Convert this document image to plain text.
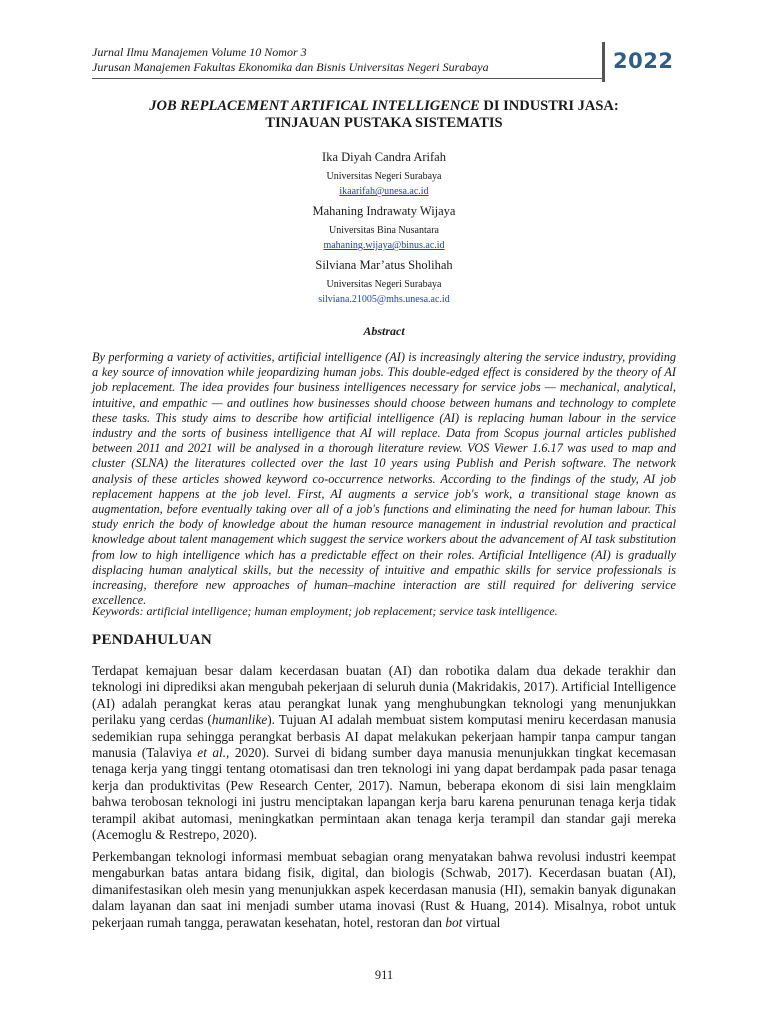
Jurnal Ilmu Manajemen Volume 10 Nomor 3
Jurusan Manajemen Fakultas Ekonomika dan Bisnis Universitas Negeri Surabaya	2022
JOB REPLACEMENT ARTIFICAL INTELLIGENCE DI INDUSTRI JASA:
TINJAUAN PUSTAKA SISTEMATIS
Ika Diyah Candra Arifah
Universitas Negeri Surabaya
ikaarifah@unesa.ac.id
Mahaning Indrawaty Wijaya
Universitas Bina Nusantara
mahaning.wijaya@binus.ac.id
Silviana Mar’atus Sholihah
Universitas Negeri Surabaya
silviana.21005@mhs.unesa.ac.id
Abstract
By performing a variety of activities, artificial intelligence (AI) is increasingly altering the service industry, providing a key source of innovation while jeopardizing human jobs. This double-edged effect is considered by the theory of AI job replacement. The idea provides four business intelligences necessary for service jobs — mechanical, analytical, intuitive, and empathic — and outlines how businesses should choose between humans and technology to complete these tasks. This study aims to describe how artificial intelligence (AI) is replacing human labour in the service industry and the sorts of business intelligence that AI will replace. Data from Scopus journal articles published between 2011 and 2021 will be analysed in a thorough literature review. VOS Viewer 1.6.17 was used to map and cluster (SLNA) the literatures collected over the last 10 years using Publish and Perish software. The network analysis of these articles showed keyword co-occurrence networks. According to the findings of the study, AI job replacement happens at the job level. First, AI augments a service job's work, a transitional stage known as augmentation, before eventually taking over all of a job's functions and eliminating the need for human labour. This study enrich the body of knowledge about the human resource management in industrial revolution and practical knowledge about talent management which suggest the service workers about the advancement of AI task substitution from low to high intelligence which has a predictable effect on their roles. Artificial Intelligence (AI) is gradually displacing human analytical skills, but the necessity of intuitive and empathic skills for service professionals is increasing, therefore new approaches of human–machine interaction are still required for delivering service excellence.
Keywords: artificial intelligence; human employment; job replacement; service task intelligence.
PENDAHULUAN
Terdapat kemajuan besar dalam kecerdasan buatan (AI) dan robotika dalam dua dekade terakhir dan teknologi ini diprediksi akan mengubah pekerjaan di seluruh dunia (Makridakis, 2017). Artificial Intelligence (AI) adalah perangkat keras atau perangkat lunak yang menghubungkan teknologi yang menunjukkan perilaku yang cerdas (humanlike). Tujuan AI adalah membuat sistem komputasi meniru kecerdasan manusia sedemikian rupa sehingga perangkat berbasis AI dapat melakukan pekerjaan hampir tanpa campur tangan manusia (Talaviya et al., 2020). Survei di bidang sumber daya manusia menunjukkan tingkat kecemasan tenaga kerja yang tinggi tentang otomatisasi dan tren teknologi ini yang dapat berdampak pada pasar tenaga kerja dan produktivitas (Pew Research Center, 2017). Namun, beberapa ekonom di sisi lain mengklaim bahwa terobosan teknologi ini justru menciptakan lapangan kerja baru karena penurunan tenaga kerja tidak terampil akibat automasi, meningkatkan permintaan akan tenaga kerja terampil dan standar gaji mereka (Acemoglu & Restrepo, 2020).
Perkembangan teknologi informasi membuat sebagian orang menyatakan bahwa revolusi industri keempat mengaburkan batas antara bidang fisik, digital, dan biologis (Schwab, 2017). Kecerdasan buatan (AI), dimanifestasikan oleh mesin yang menunjukkan aspek kecerdasan manusia (HI), semakin banyak digunakan dalam layanan dan saat ini menjadi sumber utama inovasi (Rust & Huang, 2014). Misalnya, robot untuk pekerjaan rumah tangga, perawatan kesehatan, hotel, restoran dan bot virtual
911
